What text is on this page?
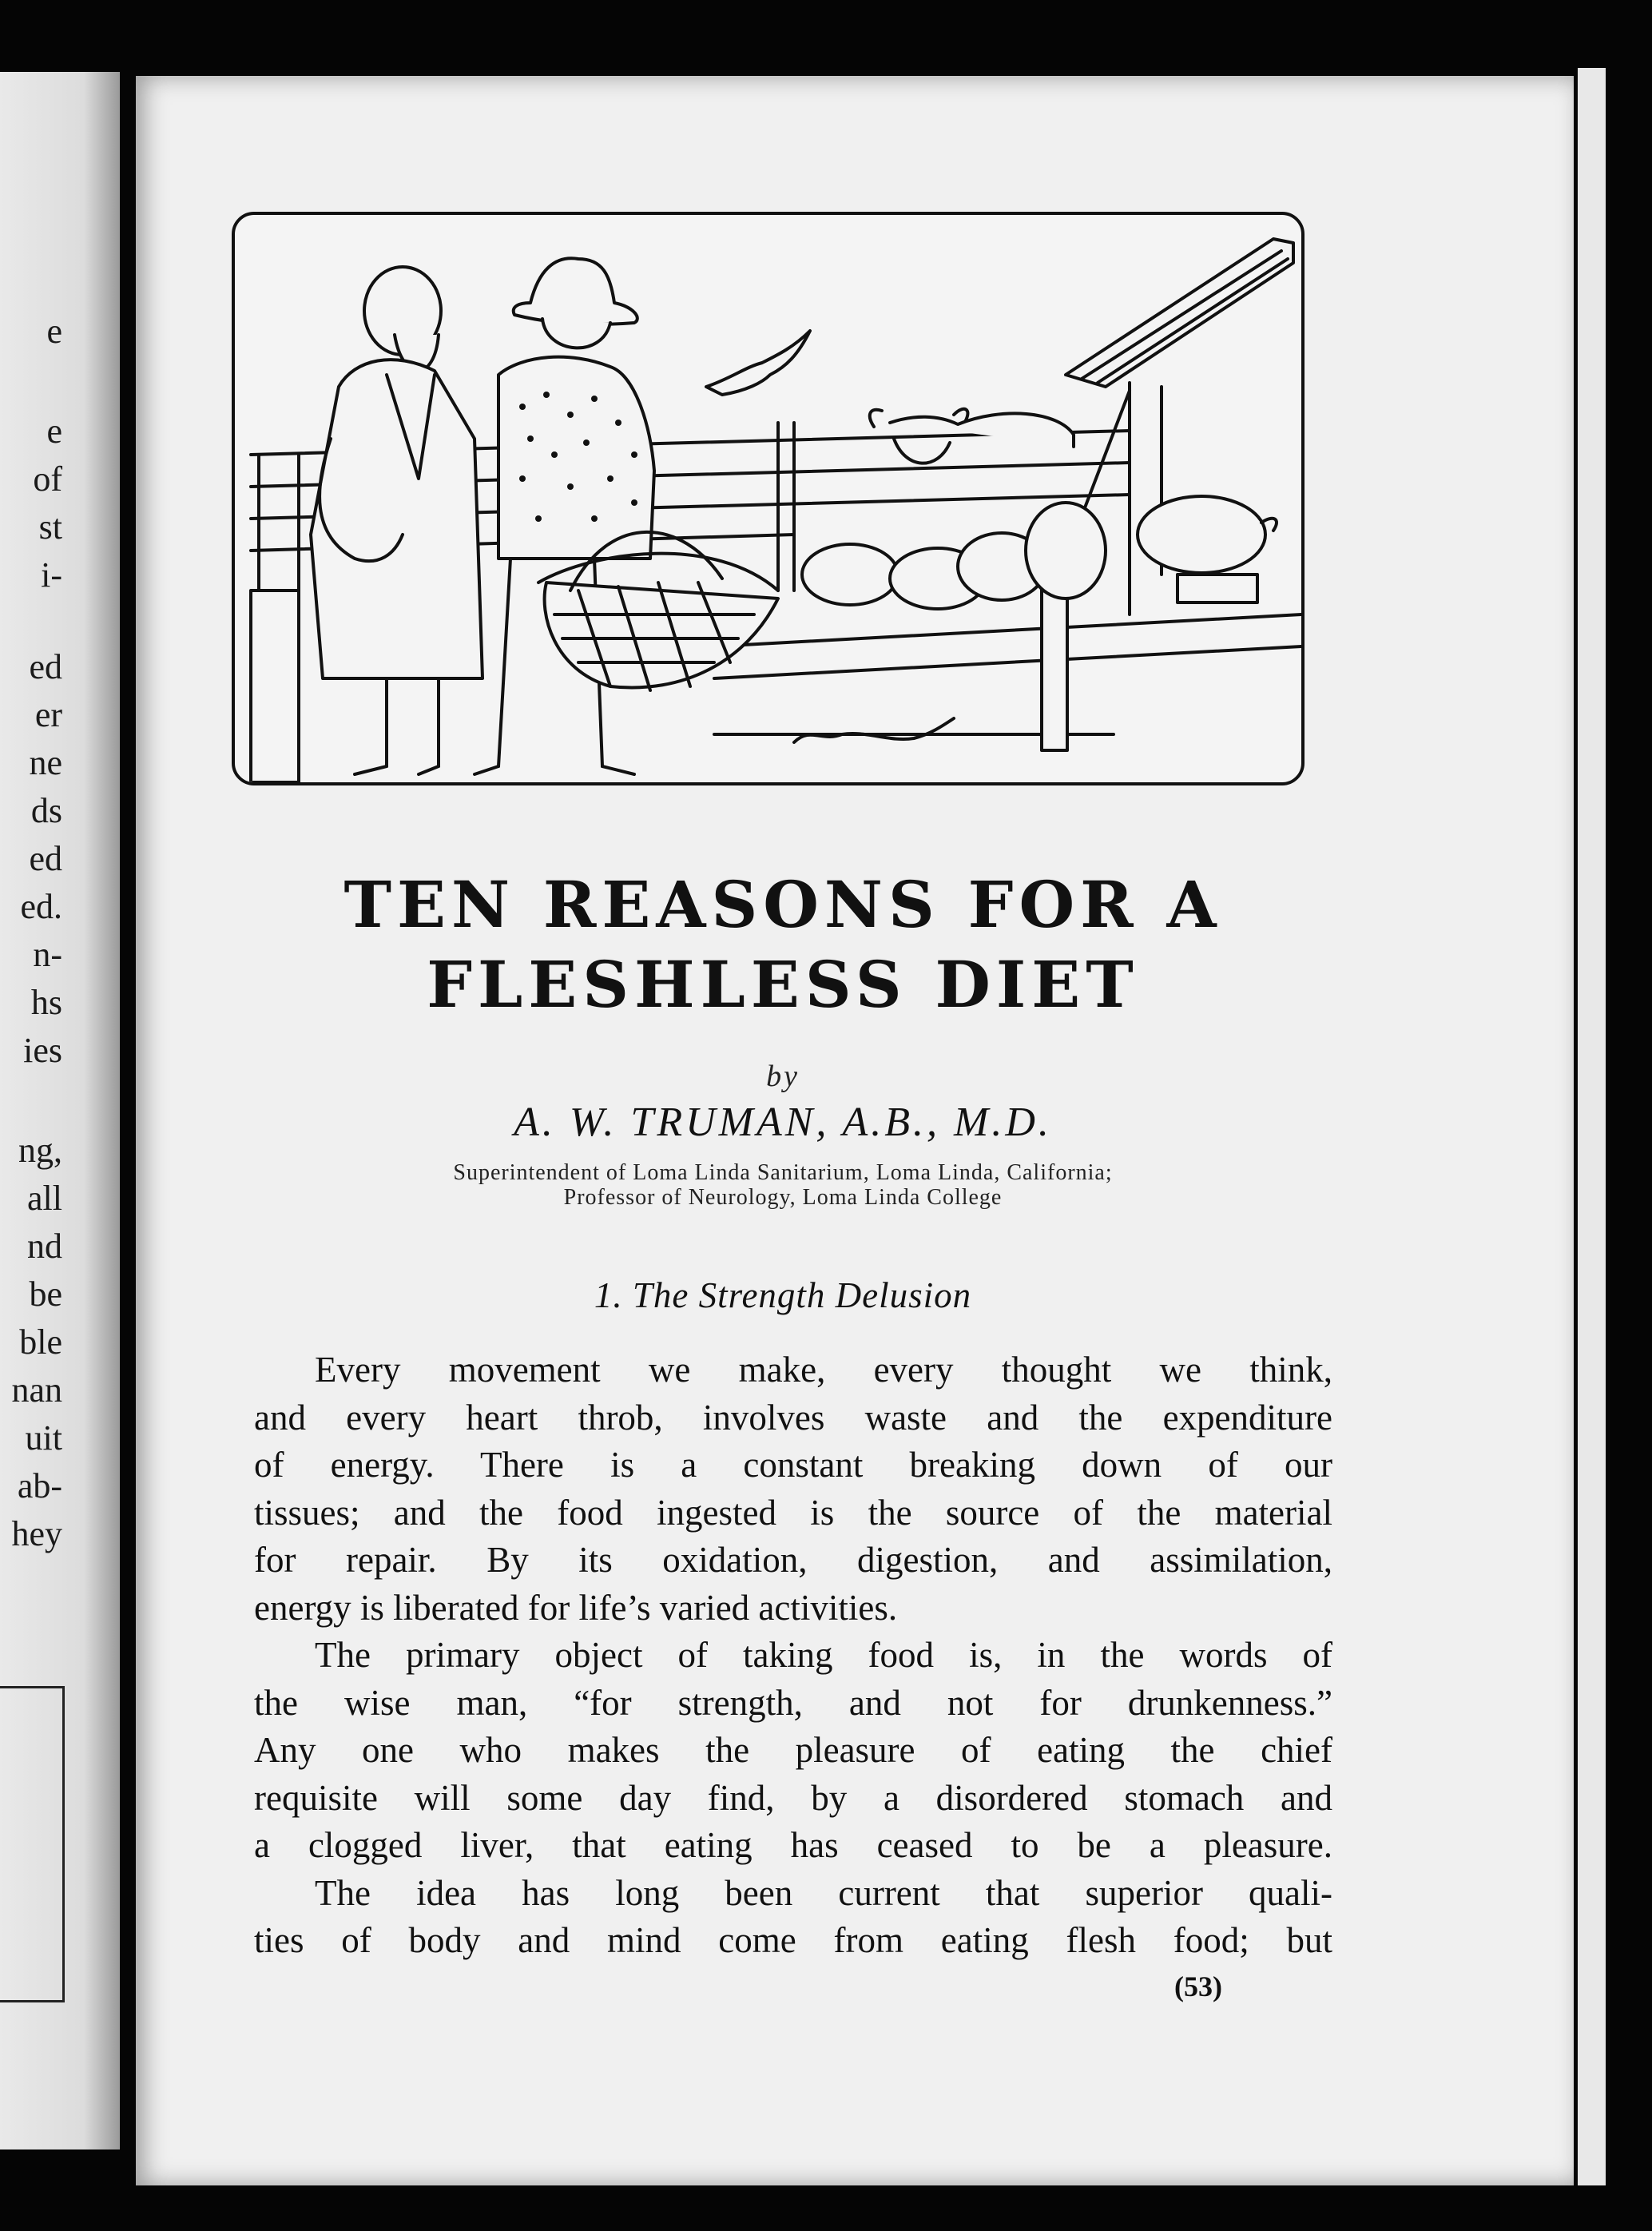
e
e
of
st
i-
ed
er
ne
ds
ed
ed.
n-
hs
ies
ng,
all
nd
be
ble
nan
uit
ab-
hey
TEN REASONS FOR A
FLESHLESS DIET
by
A. W. TRUMAN, A.B., M.D.
Superintendent of Loma Linda Sanitarium, Loma Linda, California; Professor of Neurology, Loma Linda College
1. The Strength Delusion
Every movement we make, every thought we think,
and every heart throb, involves waste and the expenditure
of energy. There is a constant breaking down of our
tissues; and the food ingested is the source of the material
for repair. By its oxidation, digestion, and assimilation,
energy is liberated for life’s varied activities.
The primary object of taking food is, in the words of
the wise man, “for strength, and not for drunkenness.”
Any one who makes the pleasure of eating the chief
requisite will some day find, by a disordered stomach and
a clogged liver, that eating has ceased to be a pleasure.
The idea has long been current that superior quali-
ties of body and mind come from eating flesh food; but
(53)
